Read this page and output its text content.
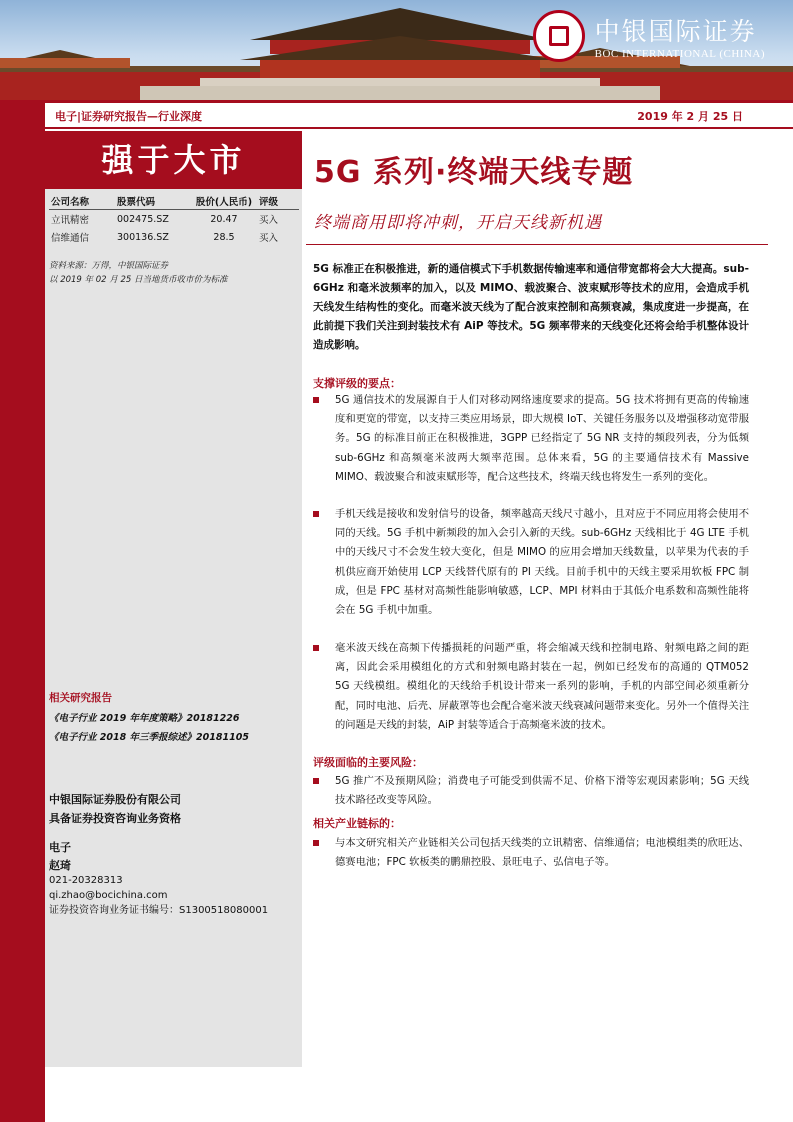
中银国际证券
BOC INTERNATIONAL (CHINA)
电子|证券研究报告—行业深度	2019 年 2 月 25 日
强于大市
公司名称	股票代码	股价(人民币)	评级
立讯精密	002475.SZ	20.47	买入
信维通信	300136.SZ	28.5	买入
资料来源：万得，中银国际证券
以 2019 年 02 月 25 日当地货币收市价为标准
相关研究报告
《电子行业 2019 年年度策略》20181226
《电子行业 2018 年三季报综述》20181105
中银国际证券股份有限公司
具备证券投资咨询业务资格
电子
赵琦
021-20328313
qi.zhao@bocichina.com
证券投资咨询业务证书编号：S1300518080001
5G 系列·终端天线专题
终端商用即将冲刺，开启天线新机遇
5G 标准正在积极推进，新的通信模式下手机数据传输速率和通信带宽都将会大大提高。sub-6GHz 和毫米波频率的加入，以及 MIMO、载波聚合、波束赋形等技术的应用，会造成手机天线发生结构性的变化。而毫米波天线为了配合波束控制和高频衰减，集成度进一步提高，在此前提下我们关注到封装技术有 AiP 等技术。5G 频率带来的天线变化还将会给手机整体设计造成影响。
支撑评级的要点：
5G 通信技术的发展源自于人们对移动网络速度要求的提高。5G 技术将拥有更高的传输速度和更宽的带宽，以支持三类应用场景，即大规模 IoT、关键任务服务以及增强移动宽带服务。5G 的标准目前正在积极推进，3GPP 已经指定了 5G NR 支持的频段列表，分为低频 sub-6GHz 和高频毫米波两大频率范围。总体来看，5G 的主要通信技术有 Massive MIMO、载波聚合和波束赋形等，配合这些技术，终端天线也将发生一系列的变化。
手机天线是接收和发射信号的设备，频率越高天线尺寸越小，且对应于不同应用将会使用不同的天线。5G 手机中新频段的加入会引入新的天线。sub-6GHz 天线相比于 4G LTE 手机中的天线尺寸不会发生较大变化，但是 MIMO 的应用会增加天线数量，以苹果为代表的手机供应商开始使用 LCP 天线替代原有的 PI 天线。目前手机中的天线主要采用软板 FPC 制成，但是 FPC 基材对高频性能影响敏感，LCP、MPI 材料由于其低介电系数和高频性能将会在 5G 手机中加重。
毫米波天线在高频下传播损耗的问题严重，将会缩减天线和控制电路、射频电路之间的距离，因此会采用模组化的方式和射频电路封装在一起，例如已经发布的高通的 QTM052 5G 天线模组。模组化的天线给手机设计带来一系列的影响，手机的内部空间必须重新分配，同时电池、后壳、屏蔽罩等也会配合毫米波天线衰减问题带来变化。另外一个值得关注的问题是天线的封装，AiP 封装等适合于高频毫米波的技术。
评级面临的主要风险：
5G 推广不及预期风险；消费电子可能受到供需不足、价格下滑等宏观因素影响；5G 天线技术路径改变等风险。
相关产业链标的：
与本文研究相关产业链相关公司包括天线类的立讯精密、信维通信；电池模组类的欣旺达、德赛电池；FPC 软板类的鹏鼎控股、景旺电子、弘信电子等。
